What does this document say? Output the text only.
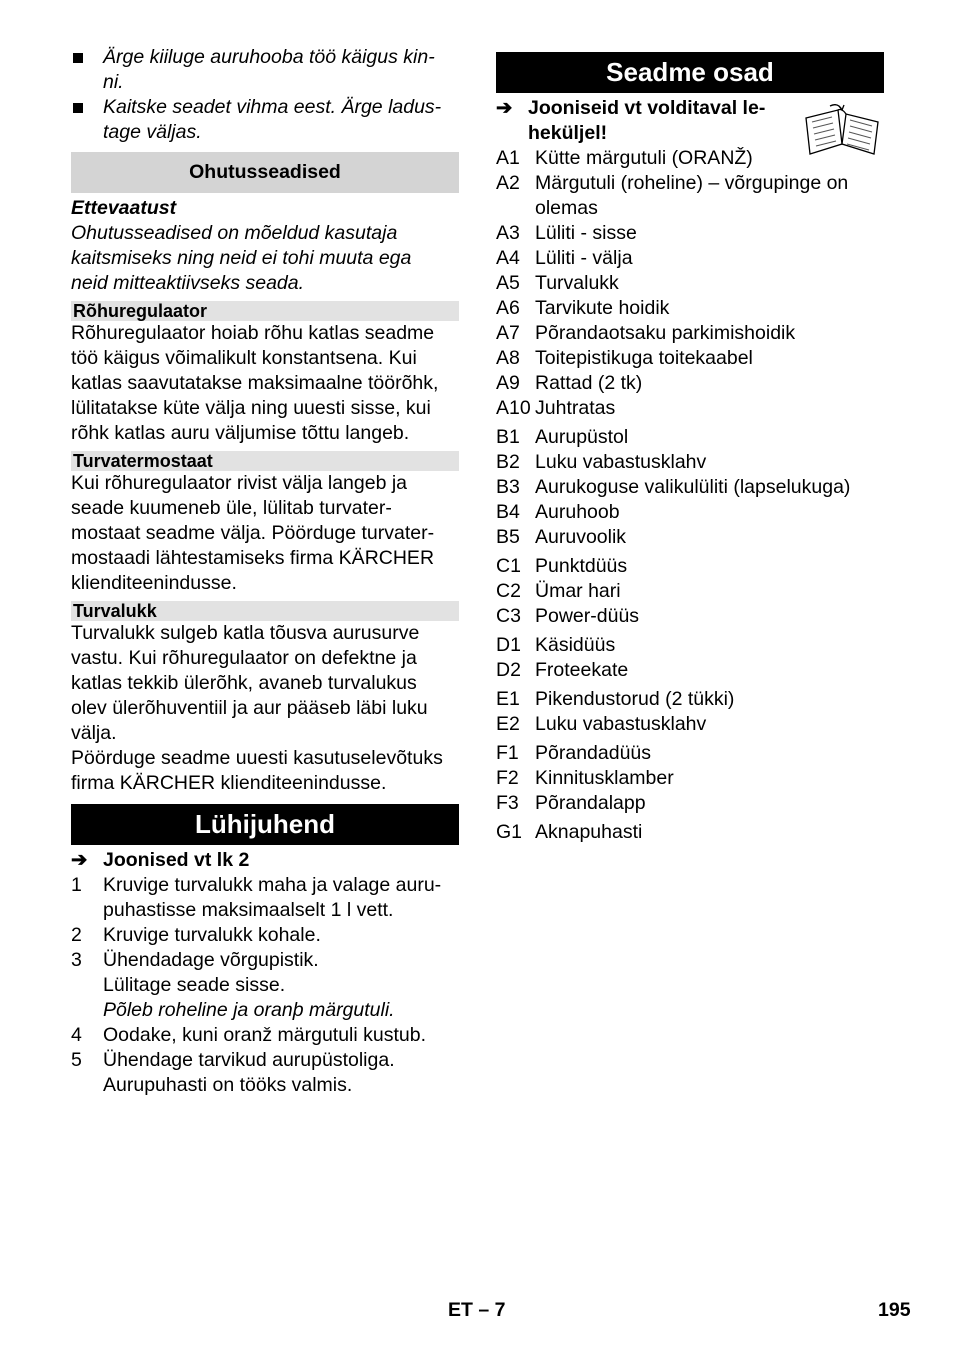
Ärge kiiluge auruhooba töö käigus kin-
ni.
Kaitske seadet vihma eest. Ärge ladus-
tage väljas.
Ohutusseadised

Ettevaatust

Ohutusseadised on mõeldud kasutaja
kaitsmiseks ning neid ei tohi muuta ega
neid mitteaktiivseks seada.
Rõhuregulaator
Rõhuregulaator hoiab rõhu katlas seadme
töö käigus võimalikult konstantsena. Kui
katlas saavutatakse maksimaalne töörõhk,
lülitatakse küte välja ning uuesti sisse, kui
rõhk katlas auru väljumise tõttu langeb.
Turvatermostaat
Kui rõhuregulaator rivist välja langeb ja
seade kuumeneb üle, lülitab turvater-
mostaat seadme välja. Pöörduge turvater-
mostaadi lähtestamiseks firma KÄRCHER
klienditeenindusse.
Turvalukk
Turvalukk sulgeb katla tõusva aurusurve
vastu. Kui rõhuregulaator on defektne ja
katlas tekkib ülerõhk, avaneb turvalukus
olev ülerõhuventiil ja aur pääseb läbi luku
välja.
Pöörduge seadme uuesti kasutuselevõtuks
firma KÄRCHER klienditeenindusse.
Lühijuhend
➔ Joonised vt lk 2
1	Kruvige turvalukk maha ja valage auru-
puhastisse maksimaalselt 1 l vett.
2	Kruvige turvalukk kohale.
3	Ühendadage võrgupistik.
Lülitage seade sisse.
Põleb roheline ja oranþ märgutuli.
4	Oodake, kuni oranž märgutuli kustub.
5	Ühendage tarvikud aurupüstoliga.
Aurupuhasti on tööks valmis.
Seadme osad
➔ Jooniseid vt volditaval le-
heküljel!
A1 Kütte märgutuli (ORANŽ)
A2 Märgutuli (roheline) – võrgupinge on
olemas
A3 Lüliti - sisse
A4 Lüliti - välja
A5 Turvalukk
A6 Tarvikute hoidik
A7 Põrandaotsaku parkimishoidik
A8 Toitepistikuga toitekaabel
A9 Rattad (2 tk)
A10 Juhtratas
B1 Aurupüstol
B2 Luku vabastusklahv
B3 Aurukoguse valikulüliti (lapselukuga)
B4 Auruhoob
B5 Auruvoolik
C1 Punktdüüs
C2 Ümar hari
C3 Power-düüs
D1 Käsidüüs
D2 Froteekate
E1 Pikendustorud (2 tükki)
E2 Luku vabastusklahv
F1 Põrandadüüs
F2 Kinnitusklamber
F3 Põrandalapp
G1 Aknapuhasti
ET – 7	195
